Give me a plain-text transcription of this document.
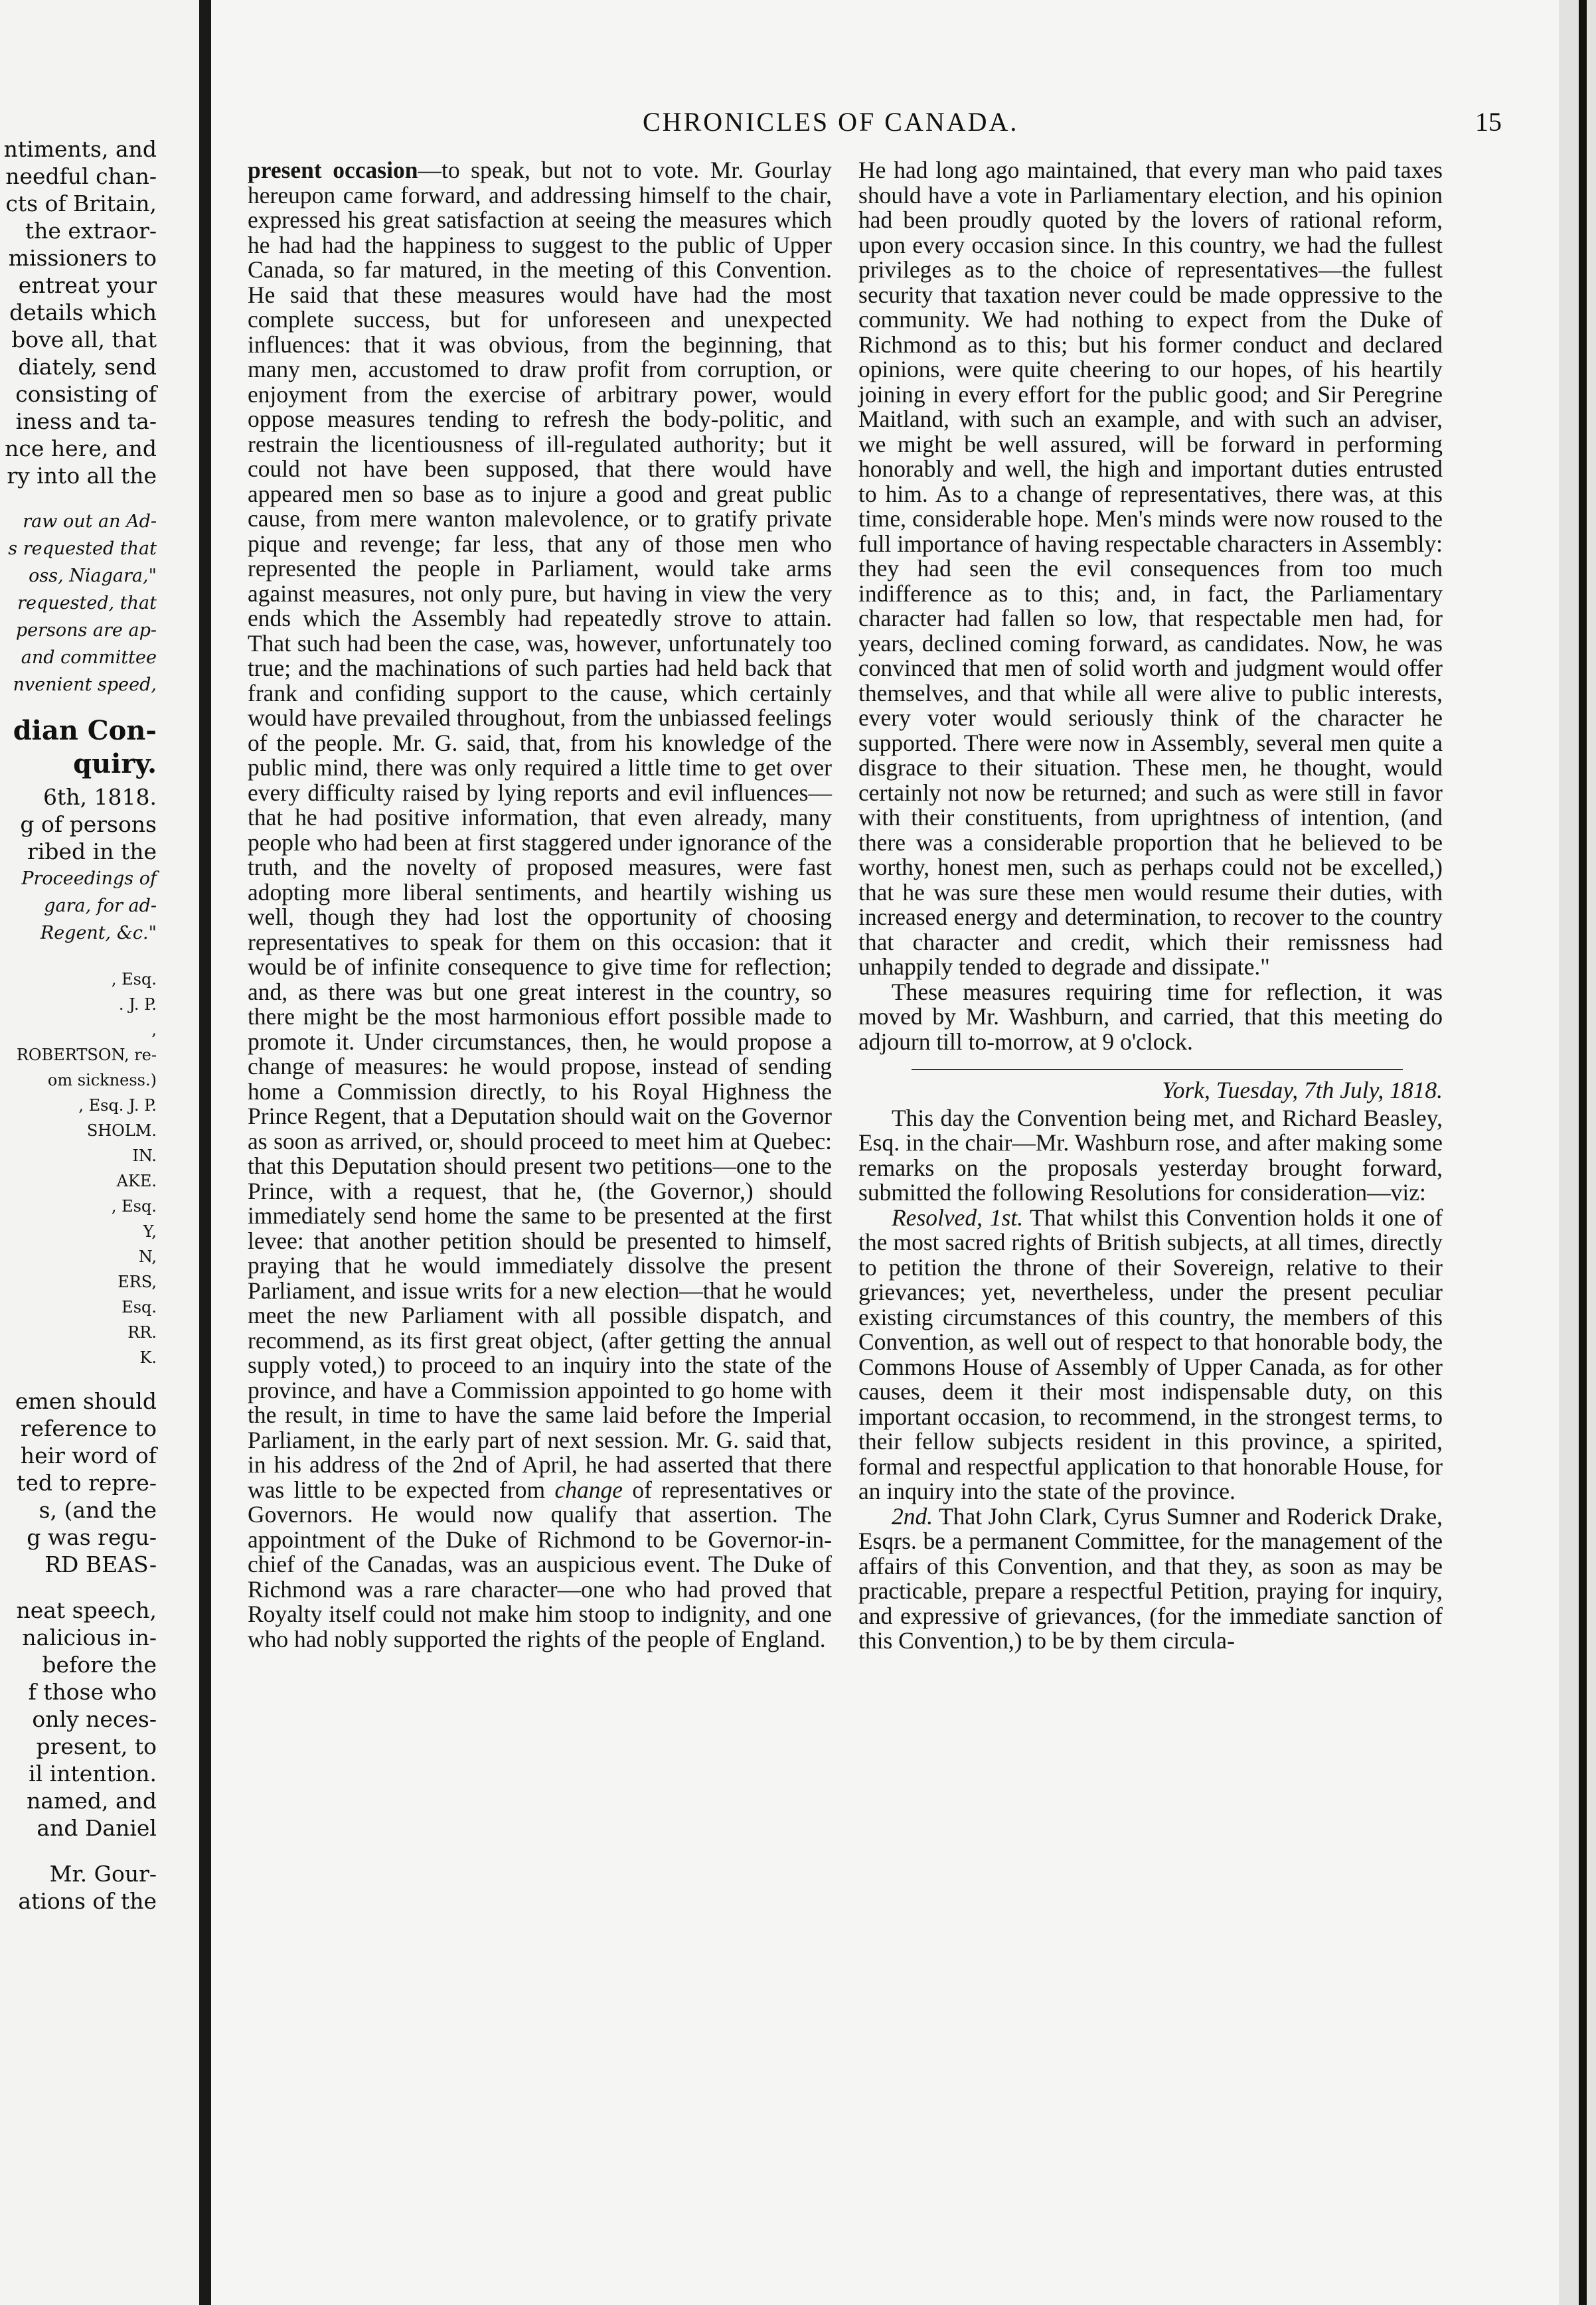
ntiments, and
needful chan-
cts of Britain,
the extraor-
missioners to
entreat your
details which
bove all, that
diately, send
consisting of
iness and ta-
nce here, and
ry into all the
raw out an Ad-
s requested that
oss, Niagara,"
requested, that
persons are ap-
and committee
nvenient speed,
dian Con-
quiry.
6th, 1818.
g of persons
ribed in the
Proceedings of
gara, for ad-
Regent, &c."
, Esq.
. J. P.
,
ROBERTSON, re-
om sickness.)
, Esq. J. P.
SHOLM.
IN.
AKE.
, Esq.
Y,
N,
ERS,
Esq.
RR.
K.
emen should
reference to
heir word of
ted to repre-
s, (and the
g was regu-
RD BEAS-
neat speech,
nalicious in-
before the
f those who
only neces-
present, to
il intention.
named, and
and Daniel
Mr. Gour-
ations of the
CHRONICLES OF CANADA.	15

present occasion—to speak, but not to vote. Mr. Gourlay hereupon came forward, and addressing himself to the chair, expressed his great satisfaction at seeing the measures which he had had the happiness to suggest to the public of Upper Canada, so far matured, in the meeting of this Convention. He said that these measures would have had the most complete success, but for unforeseen and unexpected influences: that it was obvious, from the beginning, that many men, accustomed to draw profit from corruption, or enjoyment from the exercise of arbitrary power, would oppose measures tending to refresh the body-politic, and restrain the licentiousness of ill-regulated authority; but it could not have been supposed, that there would have appeared men so base as to injure a good and great public cause, from mere wanton malevolence, or to gratify private pique and revenge; far less, that any of those men who represented the people in Parliament, would take arms against measures, not only pure, but having in view the very ends which the Assembly had repeatedly strove to attain. That such had been the case, was, however, unfortunately too true; and the machinations of such parties had held back that frank and confiding support to the cause, which certainly would have prevailed throughout, from the unbiassed feelings of the people. Mr. G. said, that, from his knowledge of the public mind, there was only required a little time to get over every difficulty raised by lying reports and evil influences—that he had positive information, that even already, many people who had been at first staggered under ignorance of the truth, and the novelty of proposed measures, were fast adopting more liberal sentiments, and heartily wishing us well, though they had lost the opportunity of choosing representatives to speak for them on this occasion: that it would be of infinite consequence to give time for reflection; and, as there was but one great interest in the country, so there might be the most harmonious effort possible made to promote it. Under circumstances, then, he would propose a change of measures: he would propose, instead of sending home a Commission directly, to his Royal Highness the Prince Regent, that a Deputation should wait on the Governor as soon as arrived, or, should proceed to meet him at Quebec: that this Deputation should present two petitions—one to the Prince, with a request, that he, (the Governor,) should immediately send home the same to be presented at the first levee: that another petition should be presented to himself, praying that he would immediately dissolve the present Parliament, and issue writs for a new election—that he would meet the new Parliament with all possible dispatch, and recommend, as its first great object, (after getting the annual supply voted,) to proceed to an inquiry into the state of the province, and have a Commission appointed to go home with the result, in time to have the same laid before the Imperial Parliament, in the early part of next session. Mr. G. said that, in his address of the 2nd of April, he had asserted that there was little to be expected from change of representatives or Governors. He would now qualify that assertion. The appointment of the Duke of Richmond to be Governor-in-chief of the Canadas, was an auspicious event. The Duke of Richmond was a rare character—one who had proved that Royalty itself could not make him stoop to indignity, and one who had nobly supported the rights of the people of England.

He had long ago maintained, that every man who paid taxes should have a vote in Parliamentary election, and his opinion had been proudly quoted by the lovers of rational reform, upon every occasion since. In this country, we had the fullest privileges as to the choice of representatives—the fullest security that taxation never could be made oppressive to the community. We had nothing to expect from the Duke of Richmond as to this; but his former conduct and declared opinions, were quite cheering to our hopes, of his heartily joining in every effort for the public good; and Sir Peregrine Maitland, with such an example, and with such an adviser, we might be well assured, will be forward in performing honorably and well, the high and important duties entrusted to him. As to a change of representatives, there was, at this time, considerable hope. Men's minds were now roused to the full importance of having respectable characters in Assembly: they had seen the evil consequences from too much indifference as to this; and, in fact, the Parliamentary character had fallen so low, that respectable men had, for years, declined coming forward, as candidates. Now, he was convinced that men of solid worth and judgment would offer themselves, and that while all were alive to public interests, every voter would seriously think of the character he supported. There were now in Assembly, several men quite a disgrace to their situation. These men, he thought, would certainly not now be returned; and such as were still in favor with their constituents, from uprightness of intention, (and there was a considerable proportion that he believed to be worthy, honest men, such as perhaps could not be excelled,) that he was sure these men would resume their duties, with increased energy and determination, to recover to the country that character and credit, which their remissness had unhappily tended to degrade and dissipate."

These measures requiring time for reflection, it was moved by Mr. Washburn, and carried, that this meeting do adjourn till to-morrow, at 9 o'clock.

York, Tuesday, 7th July, 1818.

This day the Convention being met, and Richard Beasley, Esq. in the chair—Mr. Washburn rose, and after making some remarks on the proposals yesterday brought forward, submitted the following Resolutions for consideration—viz:

Resolved, 1st. That whilst this Convention holds it one of the most sacred rights of British subjects, at all times, directly to petition the throne of their Sovereign, relative to their grievances; yet, nevertheless, under the present peculiar existing circumstances of this country, the members of this Convention, as well out of respect to that honorable body, the Commons House of Assembly of Upper Canada, as for other causes, deem it their most indispensable duty, on this important occasion, to recommend, in the strongest terms, to their fellow subjects resident in this province, a spirited, formal and respectful application to that honorable House, for an inquiry into the state of the province.

2nd. That John Clark, Cyrus Sumner and Roderick Drake, Esqrs. be a permanent Committee, for the management of the affairs of this Convention, and that they, as soon as may be practicable, prepare a respectful Petition, praying for inquiry, and expressive of grievances, (for the immediate sanction of this Convention,) to be by them circula-
